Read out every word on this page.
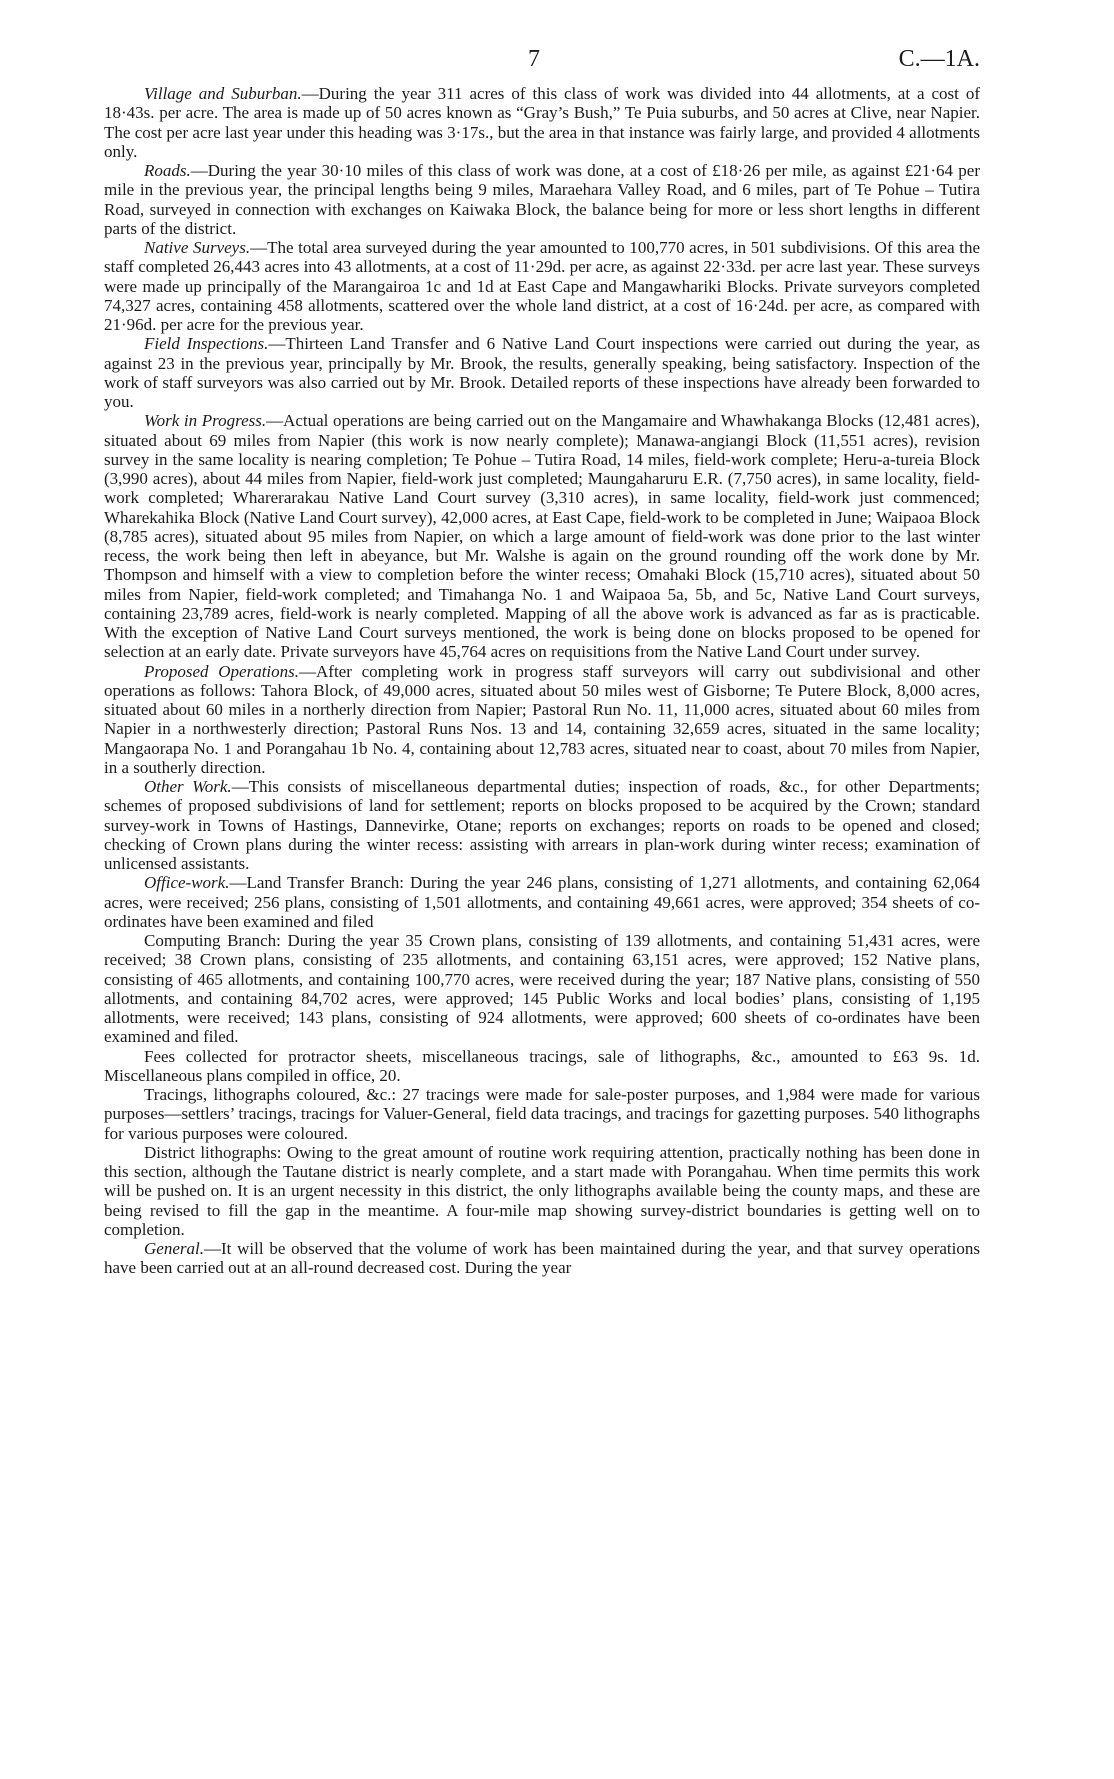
7	C.—1A.

Village and Suburban.—During the year 311 acres of this class of work was divided into 44 allotments, at a cost of 18·43s. per acre. The area is made up of 50 acres known as “Gray’s Bush,” Te Puia suburbs, and 50 acres at Clive, near Napier. The cost per acre last year under this heading was 3·17s., but the area in that instance was fairly large, and provided 4 allotments only.

Roads.—During the year 30·10 miles of this class of work was done, at a cost of £18·26 per mile, as against £21·64 per mile in the previous year, the principal lengths being 9 miles, Maraehara Valley Road, and 6 miles, part of Te Pohue – Tutira Road, surveyed in connection with exchanges on Kaiwaka Block, the balance being for more or less short lengths in different parts of the district.

Native Surveys.—The total area surveyed during the year amounted to 100,770 acres, in 501 subdivisions. Of this area the staff completed 26,443 acres into 43 allotments, at a cost of 11·29d. per acre, as against 22·33d. per acre last year. These surveys were made up principally of the Marangairoa 1c and 1d at East Cape and Mangawhariki Blocks. Private surveyors completed 74,327 acres, containing 458 allotments, scattered over the whole land district, at a cost of 16·24d. per acre, as compared with 21·96d. per acre for the previous year.

Field Inspections.—Thirteen Land Transfer and 6 Native Land Court inspections were carried out during the year, as against 23 in the previous year, principally by Mr. Brook, the results, generally speaking, being satisfactory. Inspection of the work of staff surveyors was also carried out by Mr. Brook. Detailed reports of these inspections have already been forwarded to you.

Work in Progress.—Actual operations are being carried out on the Mangamaire and Whawhakanga Blocks (12,481 acres), situated about 69 miles from Napier (this work is now nearly complete); Manawa-angiangi Block (11,551 acres), revision survey in the same locality is nearing completion; Te Pohue – Tutira Road, 14 miles, field-work complete; Heru-a-tureia Block (3,990 acres), about 44 miles from Napier, field-work just completed; Maungaharuru E.R. (7,750 acres), in same locality, field-work completed; Wharerarakau Native Land Court survey (3,310 acres), in same locality, field-work just commenced; Wharekahika Block (Native Land Court survey), 42,000 acres, at East Cape, field-work to be completed in June; Waipaoa Block (8,785 acres), situated about 95 miles from Napier, on which a large amount of field-work was done prior to the last winter recess, the work being then left in abeyance, but Mr. Walshe is again on the ground rounding off the work done by Mr. Thompson and himself with a view to completion before the winter recess; Omahaki Block (15,710 acres), situated about 50 miles from Napier, field-work completed; and Timahanga No. 1 and Waipaoa 5a, 5b, and 5c, Native Land Court surveys, containing 23,789 acres, field-work is nearly completed. Mapping of all the above work is advanced as far as is practicable. With the exception of Native Land Court surveys mentioned, the work is being done on blocks proposed to be opened for selection at an early date. Private surveyors have 45,764 acres on requisitions from the Native Land Court under survey.

Proposed Operations.—After completing work in progress staff surveyors will carry out subdivisional and other operations as follows: Tahora Block, of 49,000 acres, situated about 50 miles west of Gisborne; Te Putere Block, 8,000 acres, situated about 60 miles in a northerly direction from Napier; Pastoral Run No. 11, 11,000 acres, situated about 60 miles from Napier in a northwesterly direction; Pastoral Runs Nos. 13 and 14, containing 32,659 acres, situated in the same locality; Mangaorapa No. 1 and Porangahau 1b No. 4, containing about 12,783 acres, situated near to coast, about 70 miles from Napier, in a southerly direction.

Other Work.—This consists of miscellaneous departmental duties; inspection of roads, &c., for other Departments; schemes of proposed subdivisions of land for settlement; reports on blocks proposed to be acquired by the Crown; standard survey-work in Towns of Hastings, Dannevirke, Otane; reports on exchanges; reports on roads to be opened and closed; checking of Crown plans during the winter recess: assisting with arrears in plan-work during winter recess; examination of unlicensed assistants.

Office-work.—Land Transfer Branch: During the year 246 plans, consisting of 1,271 allotments, and containing 62,064 acres, were received; 256 plans, consisting of 1,501 allotments, and containing 49,661 acres, were approved; 354 sheets of co-ordinates have been examined and filed

Computing Branch: During the year 35 Crown plans, consisting of 139 allotments, and containing 51,431 acres, were received; 38 Crown plans, consisting of 235 allotments, and containing 63,151 acres, were approved; 152 Native plans, consisting of 465 allotments, and containing 100,770 acres, were received during the year; 187 Native plans, consisting of 550 allotments, and containing 84,702 acres, were approved; 145 Public Works and local bodies’ plans, consisting of 1,195 allotments, were received; 143 plans, consisting of 924 allotments, were approved; 600 sheets of co-ordinates have been examined and filed.

Fees collected for protractor sheets, miscellaneous tracings, sale of lithographs, &c., amounted to £63 9s. 1d. Miscellaneous plans compiled in office, 20.

Tracings, lithographs coloured, &c.: 27 tracings were made for sale-poster purposes, and 1,984 were made for various purposes—settlers’ tracings, tracings for Valuer-General, field data tracings, and tracings for gazetting purposes. 540 lithographs for various purposes were coloured.

District lithographs: Owing to the great amount of routine work requiring attention, practically nothing has been done in this section, although the Tautane district is nearly complete, and a start made with Porangahau. When time permits this work will be pushed on. It is an urgent necessity in this district, the only lithographs available being the county maps, and these are being revised to fill the gap in the meantime. A four-mile map showing survey-district boundaries is getting well on to completion.

General.—It will be observed that the volume of work has been maintained during the year, and that survey operations have been carried out at an all-round decreased cost. During the year
